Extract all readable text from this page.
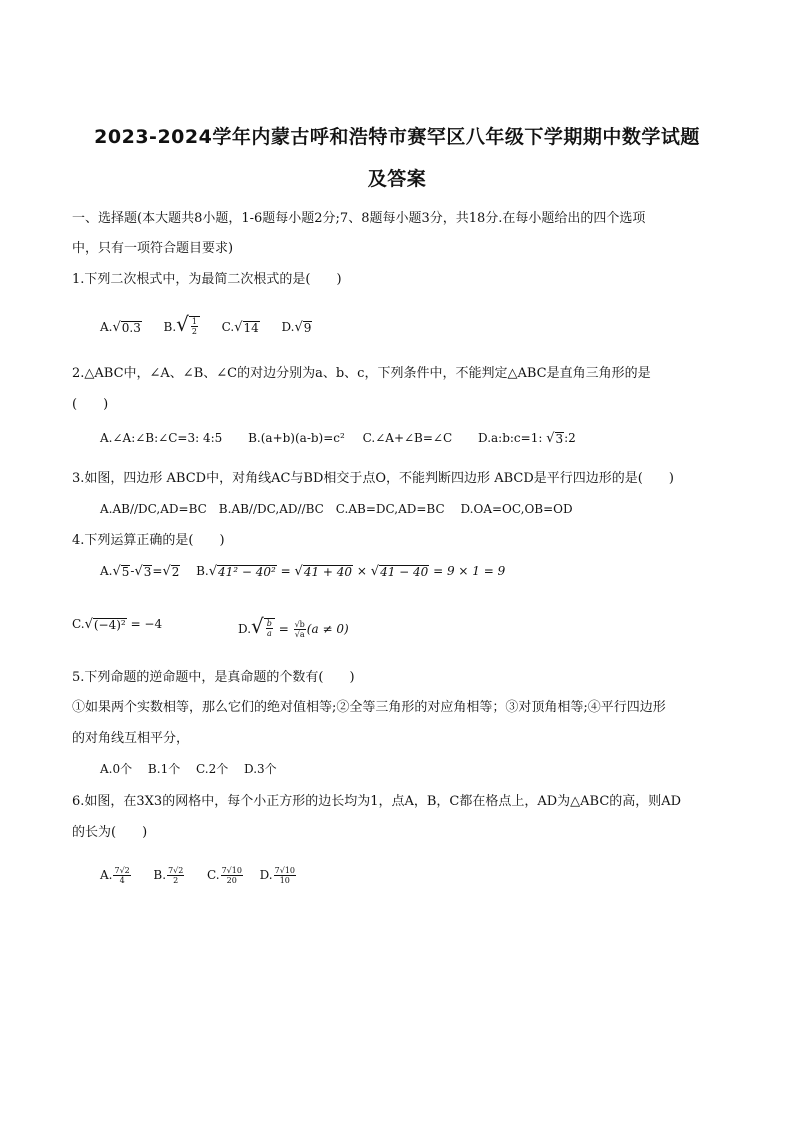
2023-2024学年内蒙古呼和浩特市赛罕区八年级下学期期中数学试题
及答案
一、选择题(本大题共8小题，1-6题每小题2分;7、8题每小题3分，共18分.在每小题给出的四个选项
中，只有一项符合题目要求)
1.下列二次根式中，为最简二次根式的是(　　)
A. √ 0.3 B. √ $\frac{1}{2} C$. √ 14 D. √ 9
2.△ABC中，∠A、∠B、∠C的对边分别为a、b、c，下列条件中，不能判定△ABC是直角三角形的是
(　　)
A.∠A:∠B:∠C=3: 4:5 B.(a+b)(a-b)=c² C.∠A+∠B=∠C D.a:b:c=1: √ 3 :2
3.如图，四边形 ABCD中，对角线AC与BD相交于点O，不能判断四边形 ABCD是平行四边形的是(　　)
A.AB//DC,AD=BC　B.AB//DC,AD//BC　C.AB=DC,AD=BC　 D.OA=OC,OB=OD
4.下列运算正确的是(　　)
A. √ 5 - √ 3 = √ 2 B. √ 41² − 40² = √ 41 + 40 × √ 41 − 40 = 9 × 1 = 9
C. √ (−4)² = −4	D. √ $\frac{b}{a} = \frac{√b}{√a} (a \ne 0)$
5.下列命题的逆命题中，是真命题的个数有(　　)
①如果两个实数相等，那么它们的绝对值相等;②全等三角形的对应角相等；③对顶角相等;④平行四边形
的对角线互相平分，
A.0个　 B.1个　 C.2个　 D.3个
6.如图，在3X3的网格中，每个小正方形的边长均为1，点A，B，C都在格点上，AD为△ABC的高，则AD
的长为(　　)
A. $\frac{7√2}{4} B$. $\frac{7√2}{2} C$. $\frac{7√10}{20} D$. $\frac{7√10}{10}$
